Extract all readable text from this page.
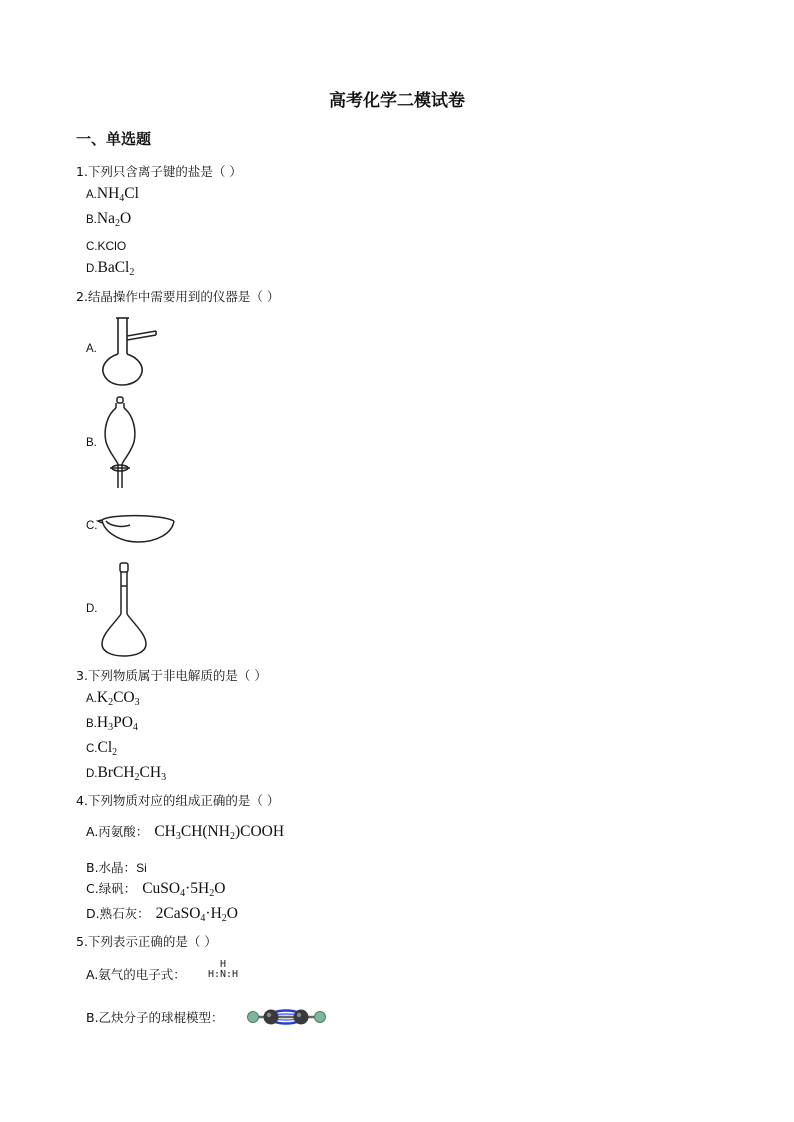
高考化学二模试卷
一、单选题
1.下列只含离子键的盐是（ ）
$A.NH_4Cl$
$B.Na_2O$
C.KClO
D.BaCl$_2$
2.结晶操作中需要用到的仪器是（ ）
A.
B.
C.
D.
3.下列物质属于非电解质的是（ ）
$A.K_2CO_3$
$B.H_3PO_4$
$C.Cl_2$
$D.BrCH_2CH_3$
4.下列物质对应的组成正确的是（ ）
A.丙氨酸： $CH_3CH(NH_2)COOH$
B.水晶：Si
C.绿矾： $CuSO_4\cdot 5H_2O$
D.熟石灰： $2CaSO_4\cdot H_2O$
5.下列表示正确的是（ ）
A.氨气的电子式：
H
H:N:H
B.乙炔分子的球棍模型：
